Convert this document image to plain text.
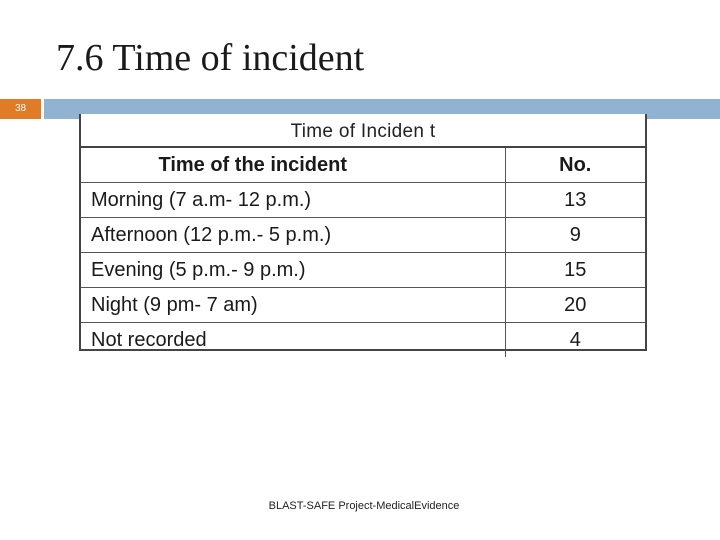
7.6 Time of incident
38
Time of Inciden t
Time of the incident	No.
Morning (7 a.m- 12 p.m.)	13
Afternoon (12 p.m.- 5 p.m.)	9
Evening (5 p.m.- 9 p.m.)	15
Night (9 pm- 7 am)	20
Not recorded	4
BLAST-SAFE Project-MedicalEvidence
